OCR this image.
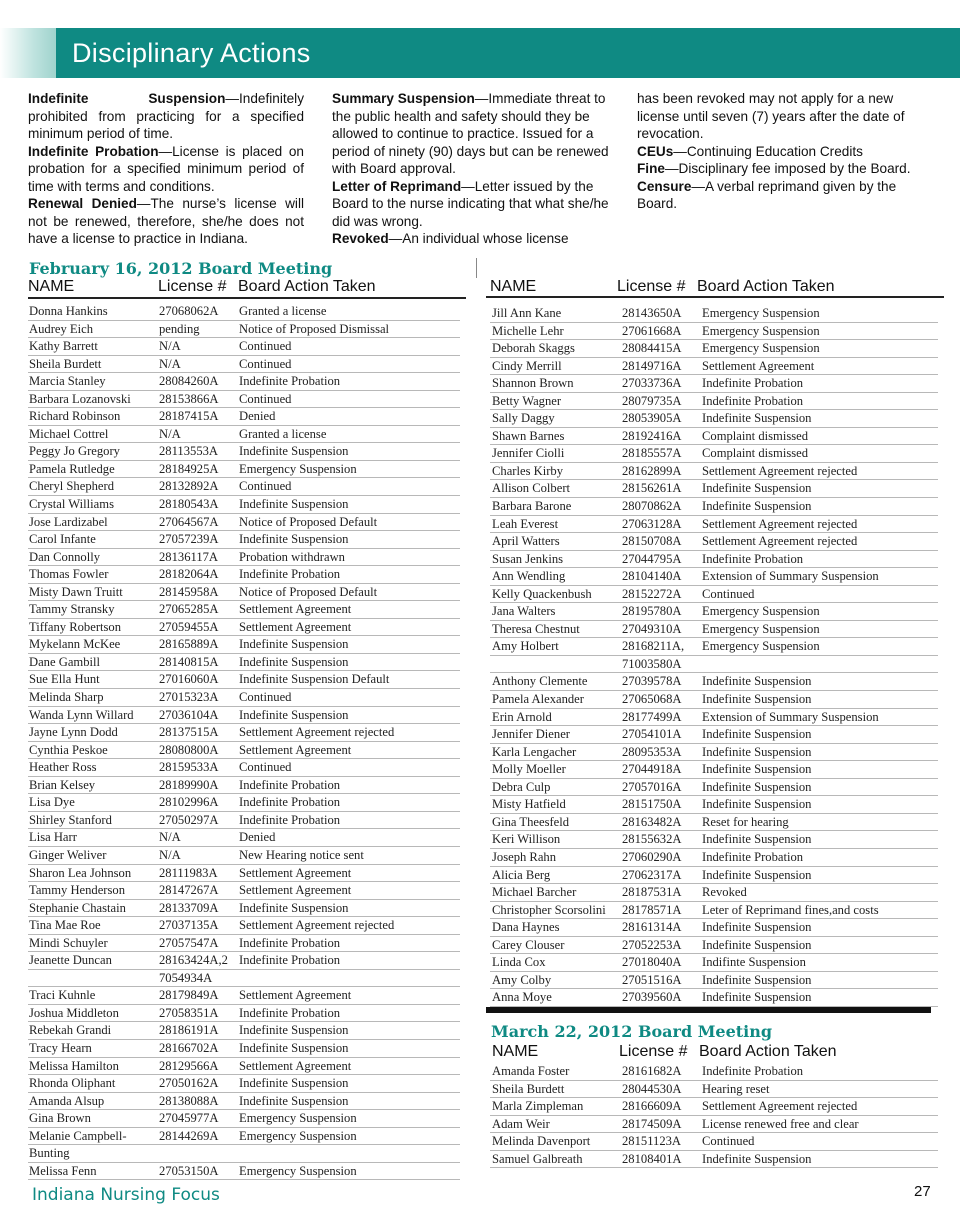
Disciplinary Actions

Indefinite Suspension—Indefinitely prohibited from practicing for a specified minimum period of time.

Indefinite Probation—License is placed on probation for a specified minimum period of time with terms and conditions.

Renewal Denied—The nurse’s license will not be renewed, therefore, she/he does not have a license to practice in Indiana.

Summary Suspension—Immediate threat to the public health and safety should they be allowed to continue to practice. Issued for a period of ninety (90) days but can be renewed with Board approval.

Letter of Reprimand—Letter issued by the Board to the nurse indicating that what she/he did was wrong.

Revoked—An individual whose license

has been revoked may not apply for a new license until seven (7) years after the date of revocation.

CEUs—Continuing Education Credits

Fine—Disciplinary fee imposed by the Board.

Censure—A verbal reprimand given by the Board.

February 16, 2012 Board Meeting
NAME	License # Board Action Taken	NAME	License # Board Action Taken
Donna Hankins	27068062A Granted a license
Audrey Eich	pending	Notice of Proposed Dismissal
Kathy Barrett	N/A	Continued
Sheila Burdett	N/A	Continued
Marcia Stanley	28084260A Indefinite Probation
Barbara Lozanovski 28153866A Continued
Richard Robinson	28187415A Denied
Michael Cottrel	N/A	Granted a license
Peggy Jo Gregory	28113553A Indefinite Suspension
Pamela Rutledge	28184925A Emergency Suspension
Cheryl Shepherd	28132892A Continued
Crystal Williams	28180543A Indefinite Suspension
Jose Lardizabel	27064567A Notice of Proposed Default
Carol Infante	27057239A Indefinite Suspension
Dan Connolly	28136117A Probation withdrawn
Thomas Fowler	28182064A Indefinite Probation
Misty Dawn Truitt	28145958A Notice of Proposed Default
Tammy Stransky	27065285A Settlement Agreement
Tiffany Robertson	27059455A Settlement Agreement
Mykelann McKee	28165889A Indefinite Suspension
Dane Gambill	28140815A Indefinite Suspension
Sue Ella Hunt	27016060A Indefinite Suspension Default
Melinda Sharp	27015323A Continued
Wanda Lynn Willard 27036104A Indefinite Suspension
Jayne Lynn Dodd	28137515A Settlement Agreement rejected
Cynthia Peskoe	28080800A Settlement Agreement
Heather Ross	28159533A Continued
Brian Kelsey	28189990A Indefinite Probation
Lisa Dye	28102996A Indefinite Probation
Shirley Stanford	27050297A Indefinite Probation
Lisa Harr	N/A	Denied
Ginger Weliver	N/A	New Hearing notice sent
Sharon Lea Johnson 28111983A Settlement Agreement
Tammy Henderson	28147267A Settlement Agreement
Stephanie Chastain	28133709A Indefinite Suspension
Tina Mae Roe	27037135A Settlement Agreement rejected
Mindi Schuyler	27057547A Indefinite Probation
Jeanette Duncan	28163424A,2 Indefinite Probation
7054934A
Traci Kuhnle	28179849A Settlement Agreement
Joshua Middleton	27058351A Indefinite Probation
Rebekah Grandi	28186191A Indefinite Suspension
Tracy Hearn	28166702A Indefinite Suspension
Melissa Hamilton	28129566A Settlement Agreement
Rhonda Oliphant	27050162A Indefinite Suspension
Amanda Alsup	28138088A Indefinite Suspension
Gina Brown	27045977A Emergency Suspension
Melanie Campbell-	28144269A Emergency Suspension
Bunting
Melissa Fenn	27053150A Emergency Suspension
Jill Ann Kane	28143650A Emergency Suspension
Michelle Lehr	27061668A Emergency Suspension
Deborah Skaggs	28084415A Emergency Suspension
Cindy Merrill	28149716A Settlement Agreement
Shannon Brown	27033736A Indefinite Probation
Betty Wagner	28079735A Indefinite Probation
Sally Daggy	28053905A Indefinite Suspension
Shawn Barnes	28192416A Complaint dismissed
Jennifer Ciolli	28185557A Complaint dismissed
Charles Kirby	28162899A Settlement Agreement rejected
Allison Colbert	28156261A Indefinite Suspension
Barbara Barone	28070862A Indefinite Suspension
Leah Everest	27063128A Settlement Agreement rejected
April Watters	28150708A Settlement Agreement rejected
Susan Jenkins	27044795A Indefinite Probation
Ann Wendling	28104140A Extension of Summary Suspension
Kelly Quackenbush 28152272A Continued
Jana Walters	28195780A Emergency Suspension
Theresa Chestnut	27049310A Emergency Suspension
Amy Holbert	28168211A, Emergency Suspension
71003580A
Anthony Clemente	27039578A Indefinite Suspension
Pamela Alexander	27065068A Indefinite Suspension
Erin Arnold	28177499A Extension of Summary Suspension
Jennifer Diener	27054101A Indefinite Suspension
Karla Lengacher	28095353A Indefinite Suspension
Molly Moeller	27044918A Indefinite Suspension
Debra Culp	27057016A Indefinite Suspension
Misty Hatfield	28151750A Indefinite Suspension
Gina Theesfeld	28163482A Reset for hearing
Keri Willison	28155632A Indefinite Suspension
Joseph Rahn	27060290A Indefinite Probation
Alicia Berg	27062317A Indefinite Suspension
Michael Barcher	28187531A Revoked
Christopher Scorsolini 28178571A Leter of Reprimand fines,and costs
Dana Haynes	28161314A Indefinite Suspension
Carey Clouser	27052253A Indefinite Suspension
Linda Cox	27018040A Indifinte Suspension
Amy Colby	27051516A Indefinite Suspension
Anna Moye	27039560A Indefinite Suspension
March 22, 2012 Board Meeting
NAME	License # Board Action Taken
Amanda Foster	28161682A Indefinite Probation
Sheila Burdett	28044530A Hearing reset
Marla Zimpleman	28166609A Settlement Agreement rejected
Adam Weir	28174509A License renewed free and clear
Melinda Davenport	28151123A Continued
Samuel Galbreath	28108401A Indefinite Suspension
Indiana Nursing Focus	27
